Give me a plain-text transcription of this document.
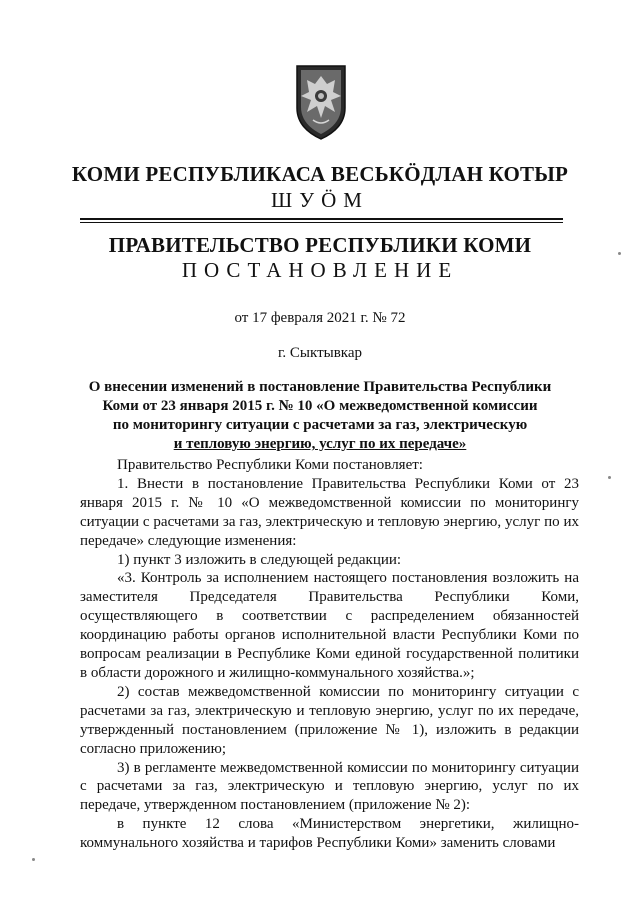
КОМИ РЕСПУБЛИКАСА ВЕСЬКÖДЛАН КОТЫР
ШУÖМ
ПРАВИТЕЛЬСТВО РЕСПУБЛИКИ КОМИ
ПОСТАНОВЛЕНИЕ
от 17 февраля 2021 г. № 72
г. Сыктывкар
О внесении изменений в постановление Правительства Республики
Коми от 23 января 2015 г. № 10 «О межведомственной комиссии
по мониторингу ситуации с расчетами за газ, электрическую
и тепловую энергию, услуг по их передаче»

Правительство Республики Коми постановляет:

1. Внести в постановление Правительства Республики Коми от 23 января 2015 г. № 10 «О межведомственной комиссии по мониторингу ситуации с расчетами за газ, электрическую и тепловую энергию, услуг по их передаче» следующие изменения:

1) пункт 3 изложить в следующей редакции:

«3. Контроль за исполнением настоящего постановления возложить на заместителя Председателя Правительства Республики Коми, осуществляющего в соответствии с распределением обязанностей координацию работы органов исполнительной власти Республики Коми по вопросам реализации в Республике Коми единой государственной политики в области дорожного и жилищно-коммунального хозяйства.»;

2) состав межведомственной комиссии по мониторингу ситуации с расчетами за газ, электрическую и тепловую энергию, услуг по их передаче, утвержденный постановлением (приложение № 1), изложить в редакции согласно приложению;

3) в регламенте межведомственной комиссии по мониторингу ситуации с расчетами за газ, электрическую и тепловую энергию, услуг по их передаче, утвержденном постановлением (приложение № 2):

в пункте 12 слова «Министерством энергетики, жилищно-коммунального хозяйства и тарифов Республики Коми» заменить словами
